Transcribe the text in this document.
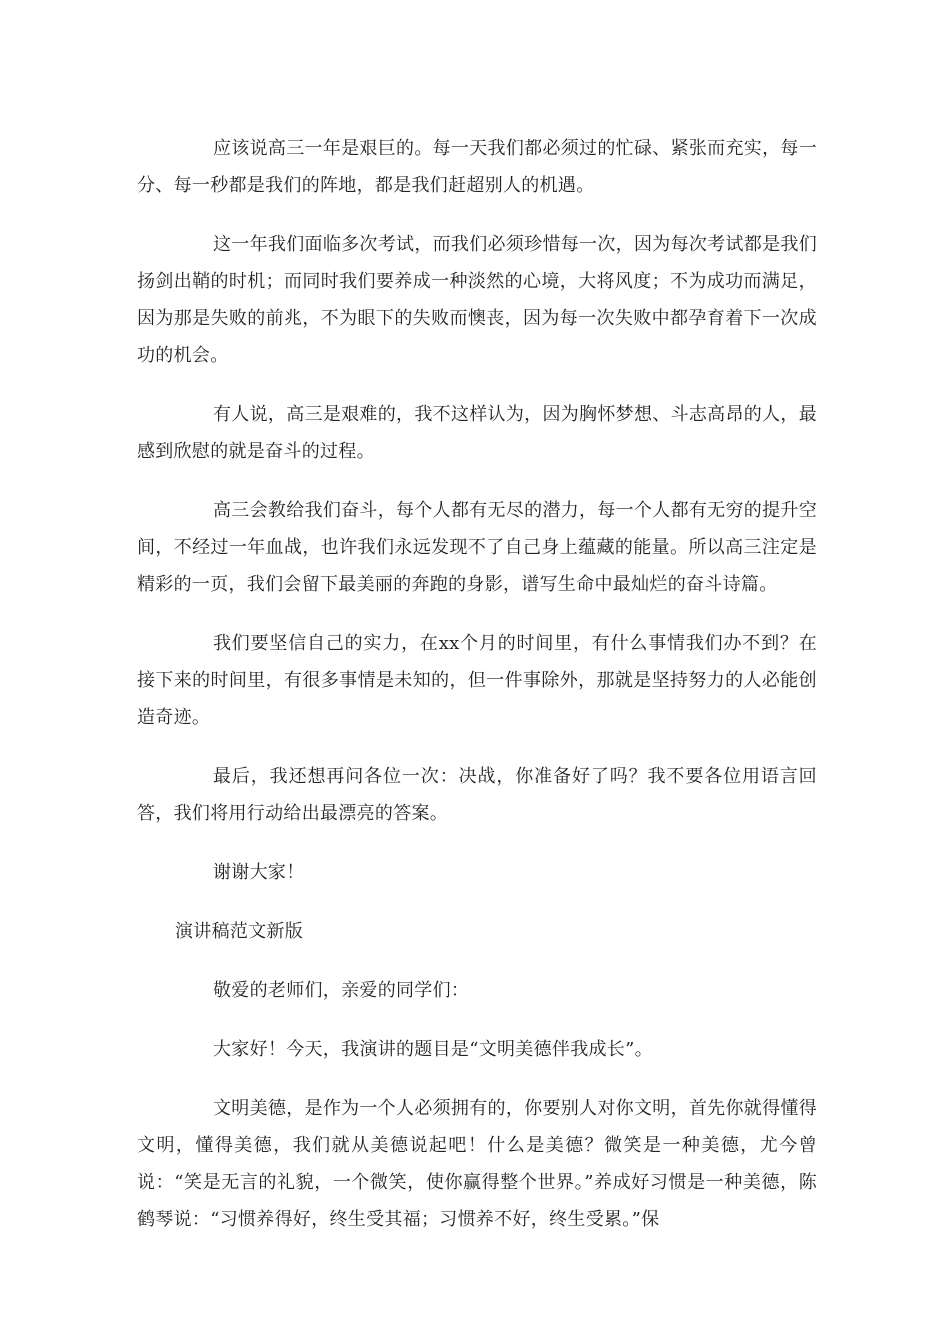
应该说高三一年是艰巨的。每一天我们都必须过的忙碌、紧张而充实，每一分、每一秒都是我们的阵地，都是我们赶超别人的机遇。

这一年我们面临多次考试，而我们必须珍惜每一次，因为每次考试都是我们扬剑出鞘的时机；而同时我们要养成一种淡然的心境，大将风度；不为成功而满足，因为那是失败的前兆，不为眼下的失败而懊丧，因为每一次失败中都孕育着下一次成功的机会。

有人说，高三是艰难的，我不这样认为，因为胸怀梦想、斗志高昂的人，最感到欣慰的就是奋斗的过程。

高三会教给我们奋斗，每个人都有无尽的潜力，每一个人都有无穷的提升空间，不经过一年血战，也许我们永远发现不了自己身上蕴藏的能量。所以高三注定是精彩的一页，我们会留下最美丽的奔跑的身影，谱写生命中最灿烂的奋斗诗篇。

我们要坚信自己的实力，在xx个月的时间里，有什么事情我们办不到？在接下来的时间里，有很多事情是未知的，但一件事除外，那就是坚持努力的人必能创造奇迹。

最后，我还想再问各位一次：决战，你准备好了吗？我不要各位用语言回答，我们将用行动给出最漂亮的答案。

谢谢大家！

演讲稿范文新版

敬爱的老师们，亲爱的同学们：

大家好！今天，我演讲的题目是“文明美德伴我成长”。

文明美德，是作为一个人必须拥有的，你要别人对你文明，首先你就得懂得文明，懂得美德，我们就从美德说起吧！什么是美德？微笑是一种美德，尤今曾说：“笑是无言的礼貌，一个微笑，使你赢得整个世界。”养成好习惯是一种美德，陈鹤琴说：“习惯养得好，终生受其福；习惯养不好，终生受累。”保
